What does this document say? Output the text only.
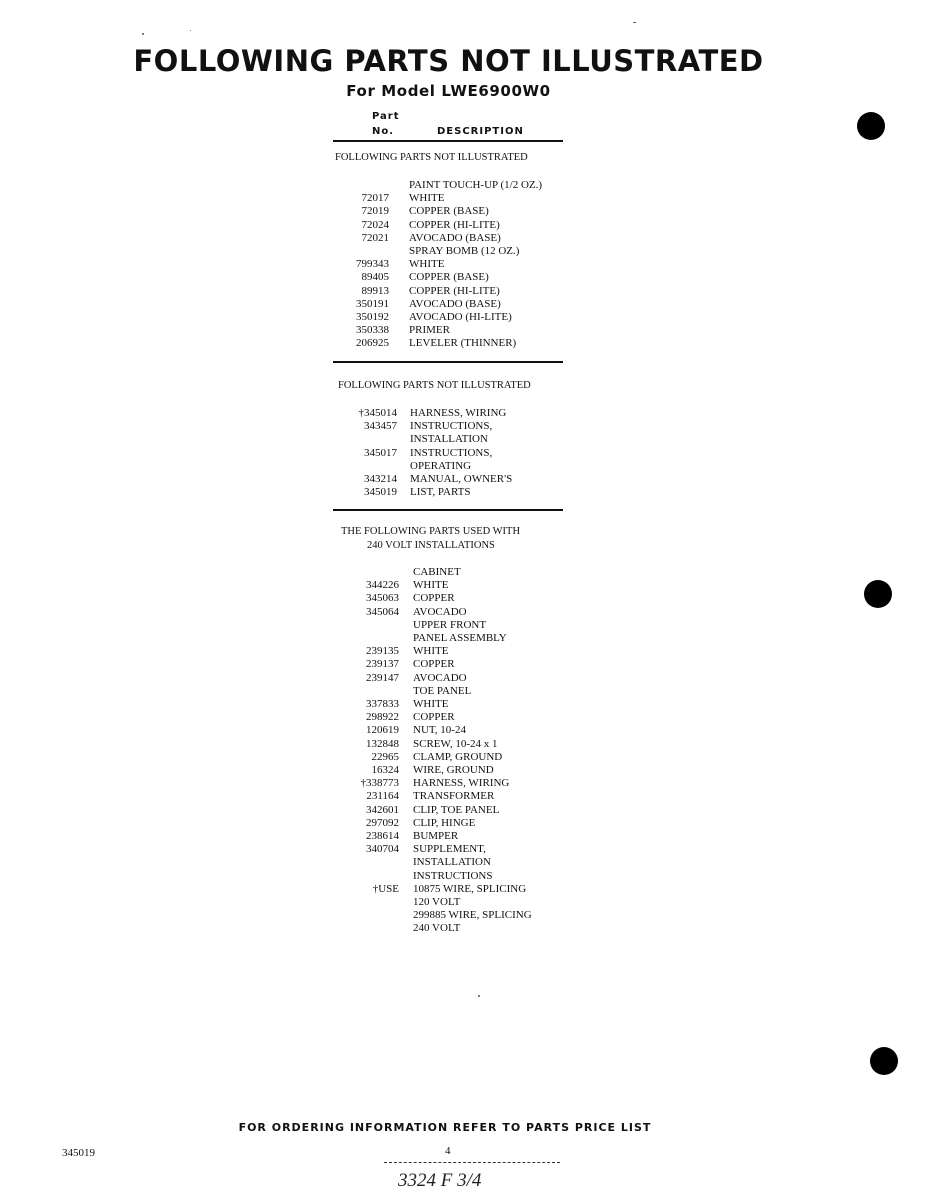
FOLLOWING PARTS NOT ILLUSTRATED
For Model LWE6900W0
Part
No.	DESCRIPTION
FOLLOWING PARTS NOT ILLUSTRATED
PAINT TOUCH-UP (1/2 OZ.)
72017 WHITE
72019 COPPER (BASE)
72024 COPPER (HI-LITE)
72021 AVOCADO (BASE)
SPRAY BOMB (12 OZ.)
799343 WHITE
89405 COPPER (BASE)
89913 COPPER (HI-LITE)
350191 AVOCADO (BASE)
350192 AVOCADO (HI-LITE)
350338 PRIMER
206925 LEVELER (THINNER)
FOLLOWING PARTS NOT ILLUSTRATED
†345014 HARNESS, WIRING
343457 INSTRUCTIONS,
INSTALLATION
345017 INSTRUCTIONS,
OPERATING
343214 MANUAL, OWNER'S
345019 LIST, PARTS
THE FOLLOWING PARTS USED WITH
240 VOLT INSTALLATIONS
CABINET
344226 WHITE
345063 COPPER
345064 AVOCADO
UPPER FRONT
PANEL ASSEMBLY
239135 WHITE
239137 COPPER
239147 AVOCADO
TOE PANEL
337833 WHITE
298922 COPPER
120619 NUT, 10-24
132848 SCREW, 10-24 x 1
22965 CLAMP, GROUND
16324 WIRE, GROUND
†338773 HARNESS, WIRING
231164 TRANSFORMER
342601 CLIP, TOE PANEL
297092 CLIP, HINGE
238614 BUMPER
340704 SUPPLEMENT,
INSTALLATION
INSTRUCTIONS
†USE 10875 WIRE, SPLICING
120 VOLT
299885 WIRE, SPLICING
240 VOLT
FOR ORDERING INFORMATION REFER TO PARTS PRICE LIST
345019	4
3324 F 3/4
